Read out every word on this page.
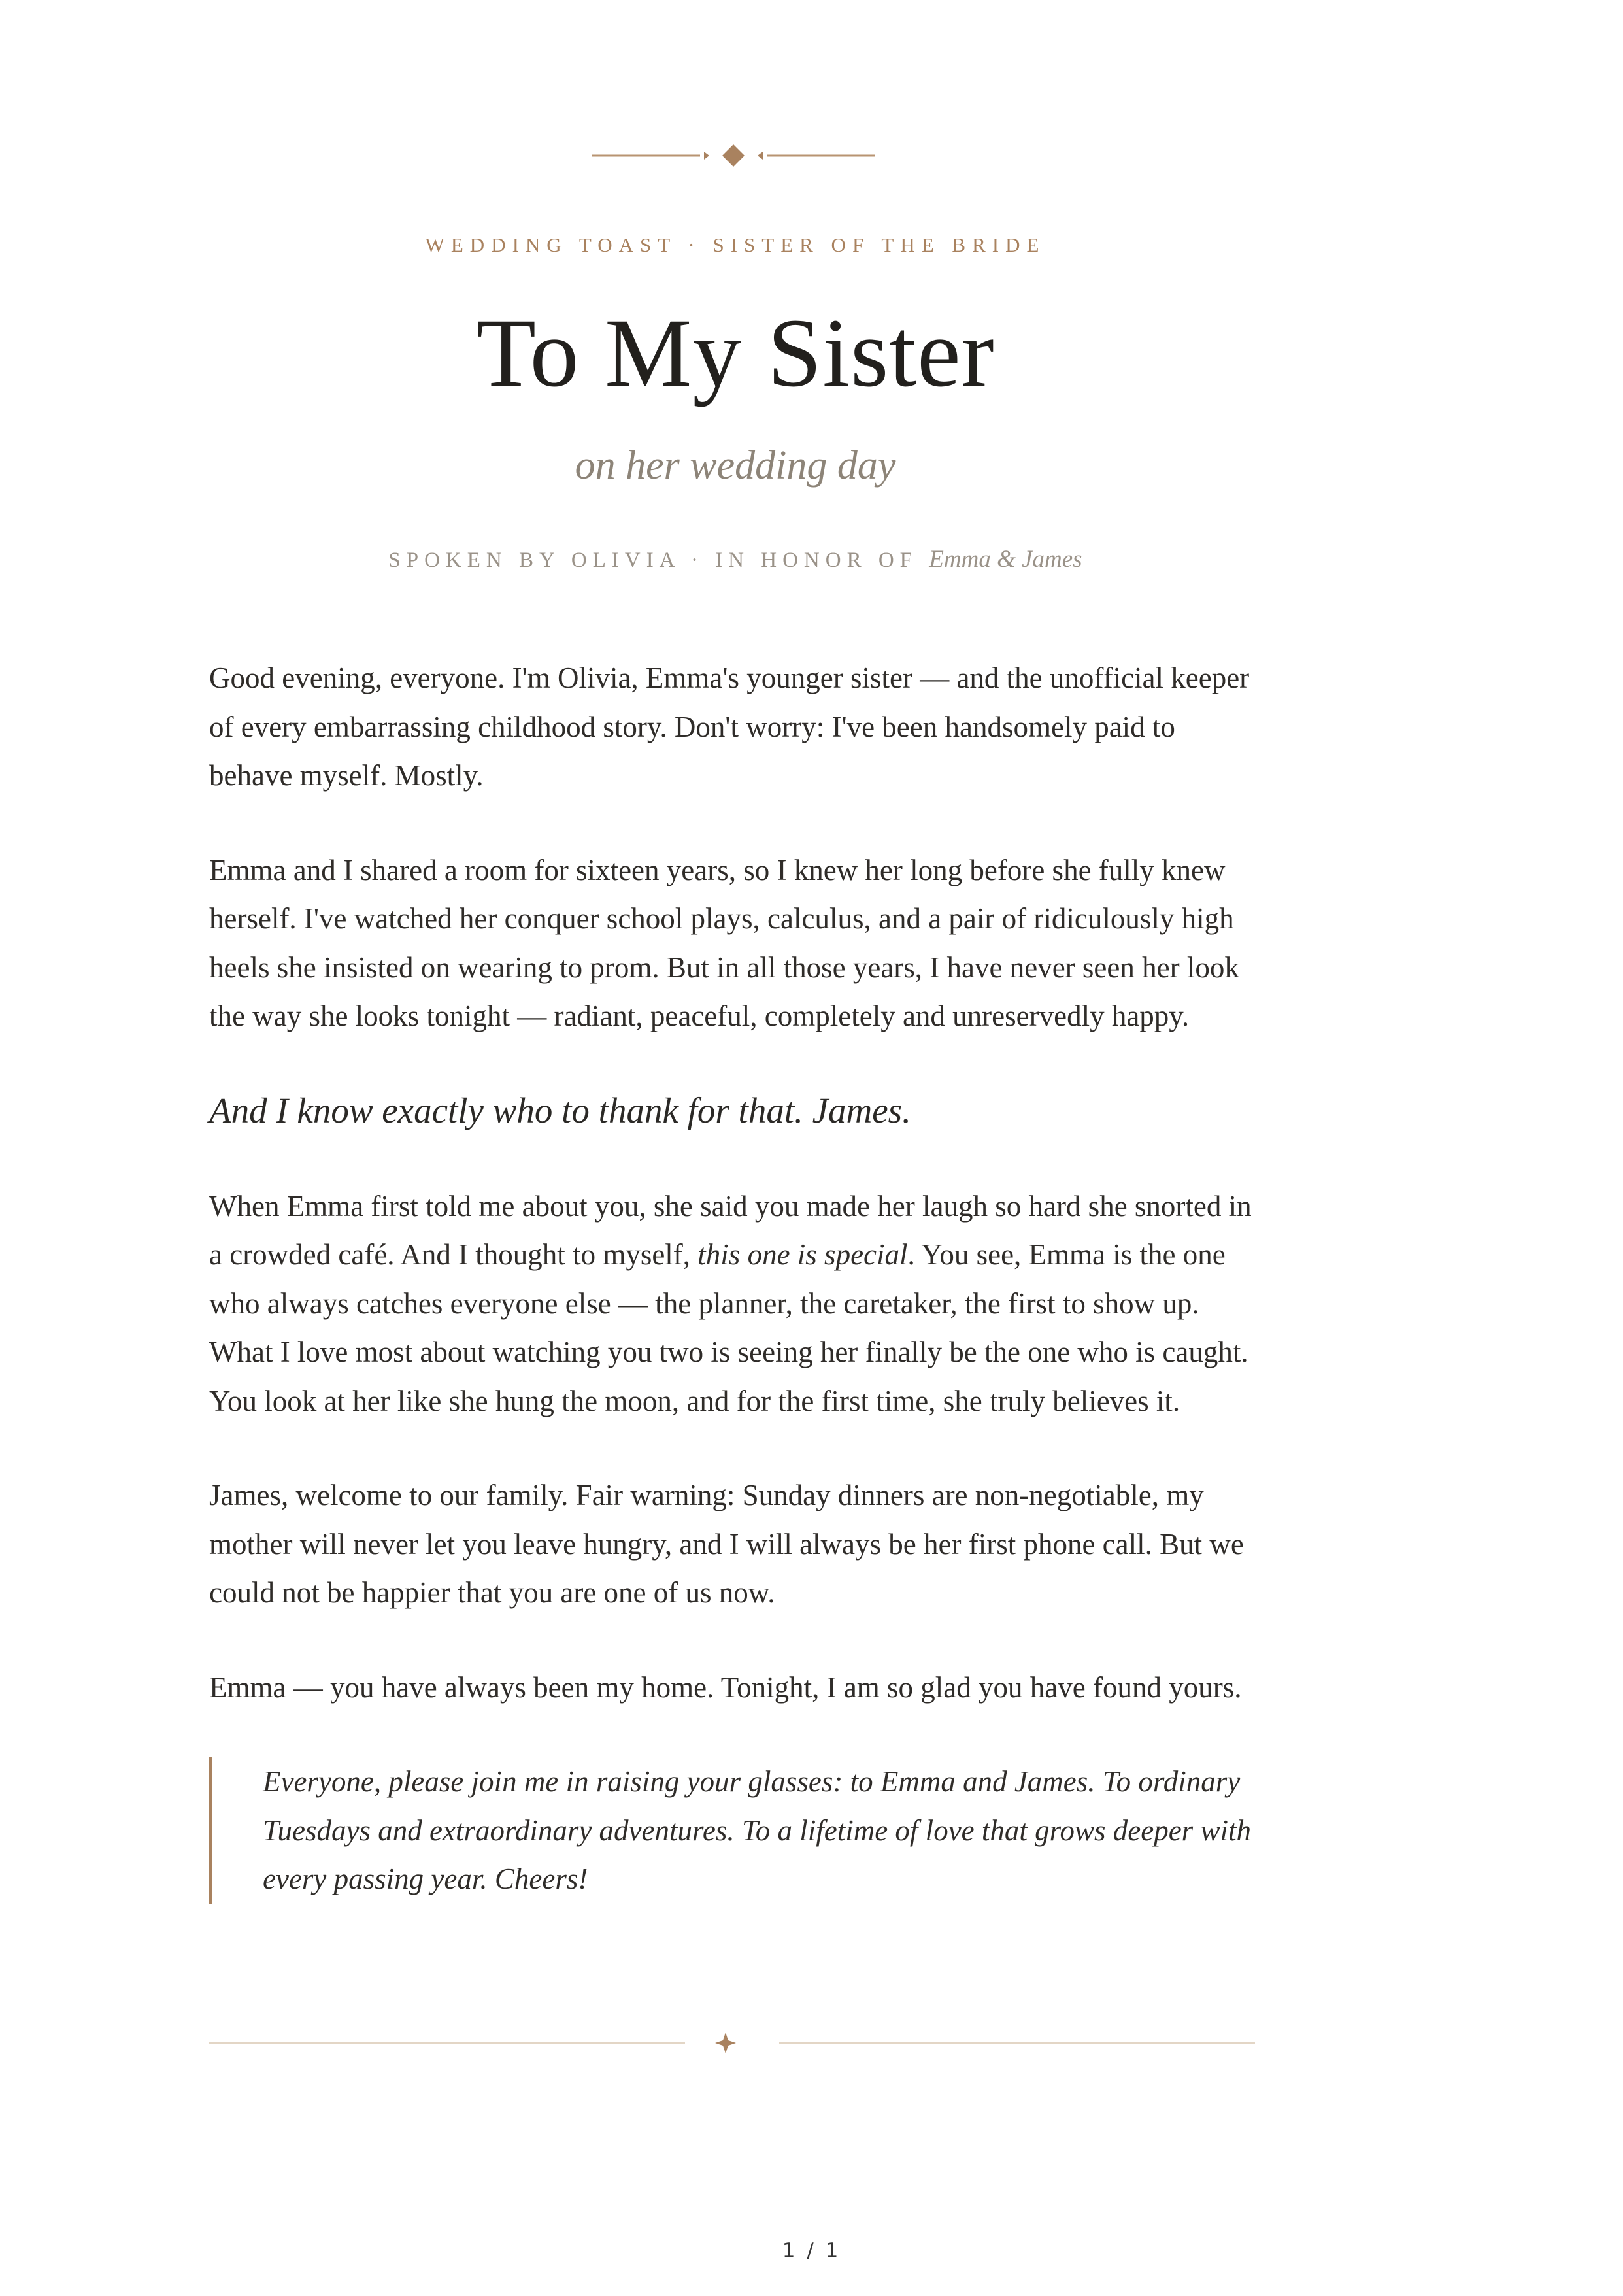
WEDDING TOAST · SISTER OF THE BRIDE
To My Sister
on her wedding day
SPOKEN BY OLIVIA · IN HONOR OF Emma & James

Good evening, everyone. I'm Olivia, Emma's younger sister — and the unofficial keeper of every embarrassing childhood story. Don't worry: I've been handsomely paid to behave myself. Mostly.

Emma and I shared a room for sixteen years, so I knew her long before she fully knew herself. I've watched her conquer school plays, calculus, and a pair of ridiculously high heels she insisted on wearing to prom. But in all those years, I have never seen her look the way she looks tonight — radiant, peaceful, completely and unreservedly happy.

And I know exactly who to thank for that. James.

When Emma first told me about you, she said you made her laugh so hard she snorted in a crowded café. And I thought to myself, this one is special. You see, Emma is the one who always catches everyone else — the planner, the caretaker, the first to show up. What I love most about watching you two is seeing her finally be the one who is caught. You look at her like she hung the moon, and for the first time, she truly believes it.

James, welcome to our family. Fair warning: Sunday dinners are non-negotiable, my mother will never let you leave hungry, and I will always be her first phone call. But we could not be happier that you are one of us now.

Emma — you have always been my home. Tonight, I am so glad you have found yours.

Everyone, please join me in raising your glasses: to Emma and James. To ordinary Tuesdays and extraordinary adventures. To a lifetime of love that grows deeper with every passing year. Cheers!
1 / 1
